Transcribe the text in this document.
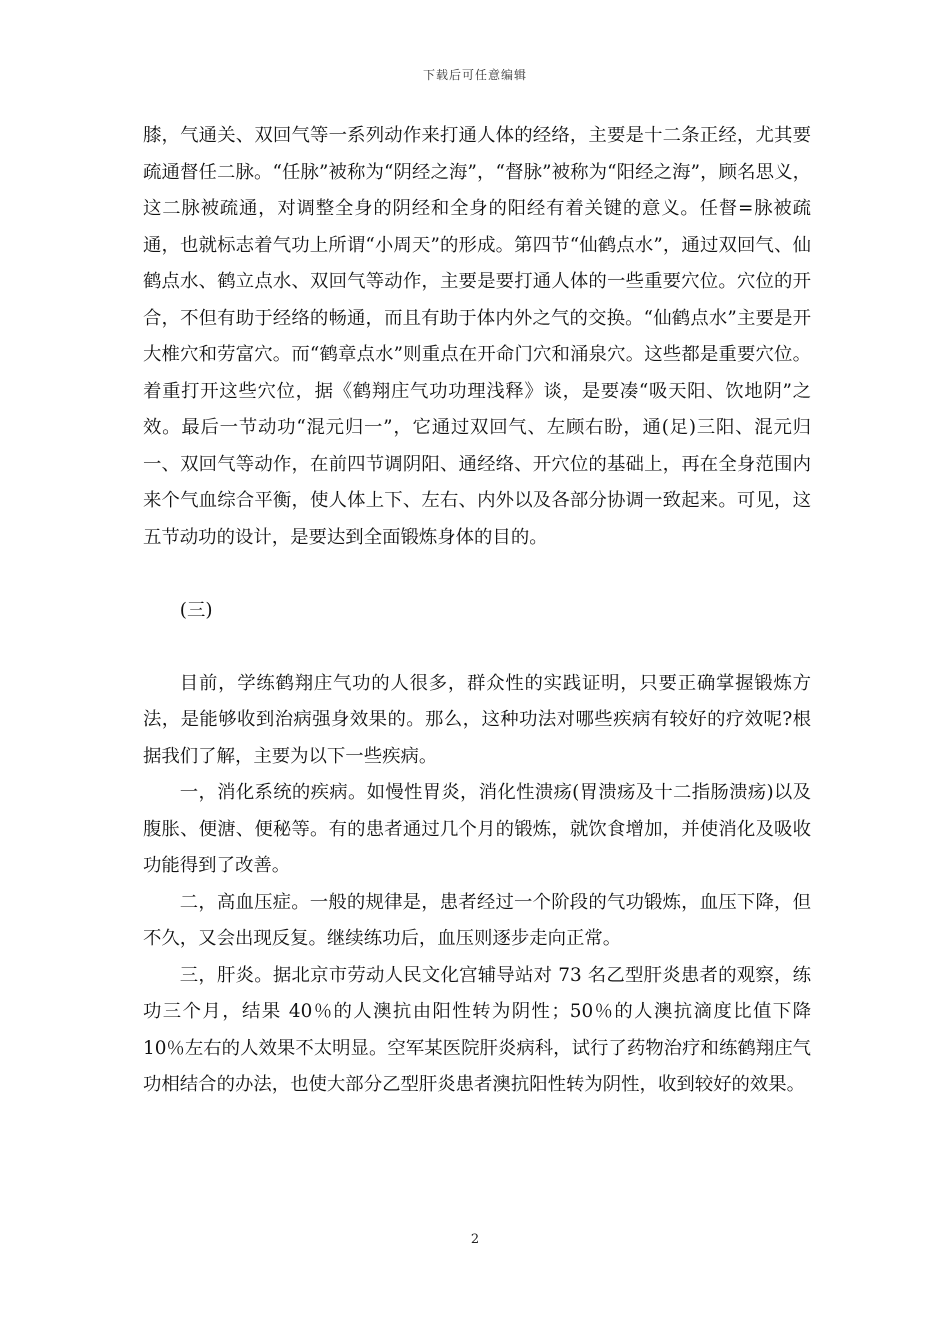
下载后可任意编辑

膝，气通关、双回气等一系列动作来打通人体的经络，主要是十二条正经，尤其要疏通督任二脉。“任脉”被称为“阴经之海”，“督脉”被称为“阳经之海”，顾名思义，这二脉被疏通，对调整全身的阴经和全身的阳经有着关键的意义。任督=脉被疏通，也就标志着气功上所谓“小周天”的形成。第四节“仙鹤点水”，通过双回气、仙鹤点水、鹤立点水、双回气等动作，主要是要打通人体的一些重要穴位。穴位的开合，不但有助于经络的畅通，而且有助于体内外之气的交换。“仙鹤点水”主要是开大椎穴和劳富穴。而“鹤章点水”则重点在开命门穴和涌泉穴。这些都是重要穴位。着重打开这些穴位，据《鹤翔庄气功功理浅释》谈，是要凑“吸天阳、饮地阴”之效。最后一节动功“混元归一”，它通过双回气、左顾右盼，通(足)三阳、混元归一、双回气等动作，在前四节调阴阳、通经络、开穴位的基础上，再在全身范围内来个气血综合平衡，使人体上下、左右、内外以及各部分协调一致起来。可见，这五节动功的设计，是要达到全面锻炼身体的目的。

(三)

目前，学练鹤翔庄气功的人很多，群众性的实践证明，只要正确掌握锻炼方法，是能够收到治病强身效果的。那么，这种功法对哪些疾病有较好的疗效呢?根据我们了解，主要为以下一些疾病。

一，消化系统的疾病。如慢性胃炎，消化性溃疡(胃溃疡及十二指肠溃疡)以及腹胀、便溏、便秘等。有的患者通过几个月的锻炼，就饮食增加，并使消化及吸收功能得到了改善。

二，高血压症。一般的规律是，患者经过一个阶段的气功锻炼，血压下降，但不久，又会出现反复。继续练功后，血压则逐步走向正常。

三，肝炎。据北京市劳动人民文化宫辅导站对 73 名乙型肝炎患者的观察，练功三个月，结果 40％的人澳抗由阳性转为阴性；50％的人澳抗滴度比值下降 10％左右的人效果不太明显。空军某医院肝炎病科，试行了药物治疗和练鹤翔庄气功相结合的办法，也使大部分乙型肝炎患者澳抗阳性转为阴性，收到较好的效果。

2
